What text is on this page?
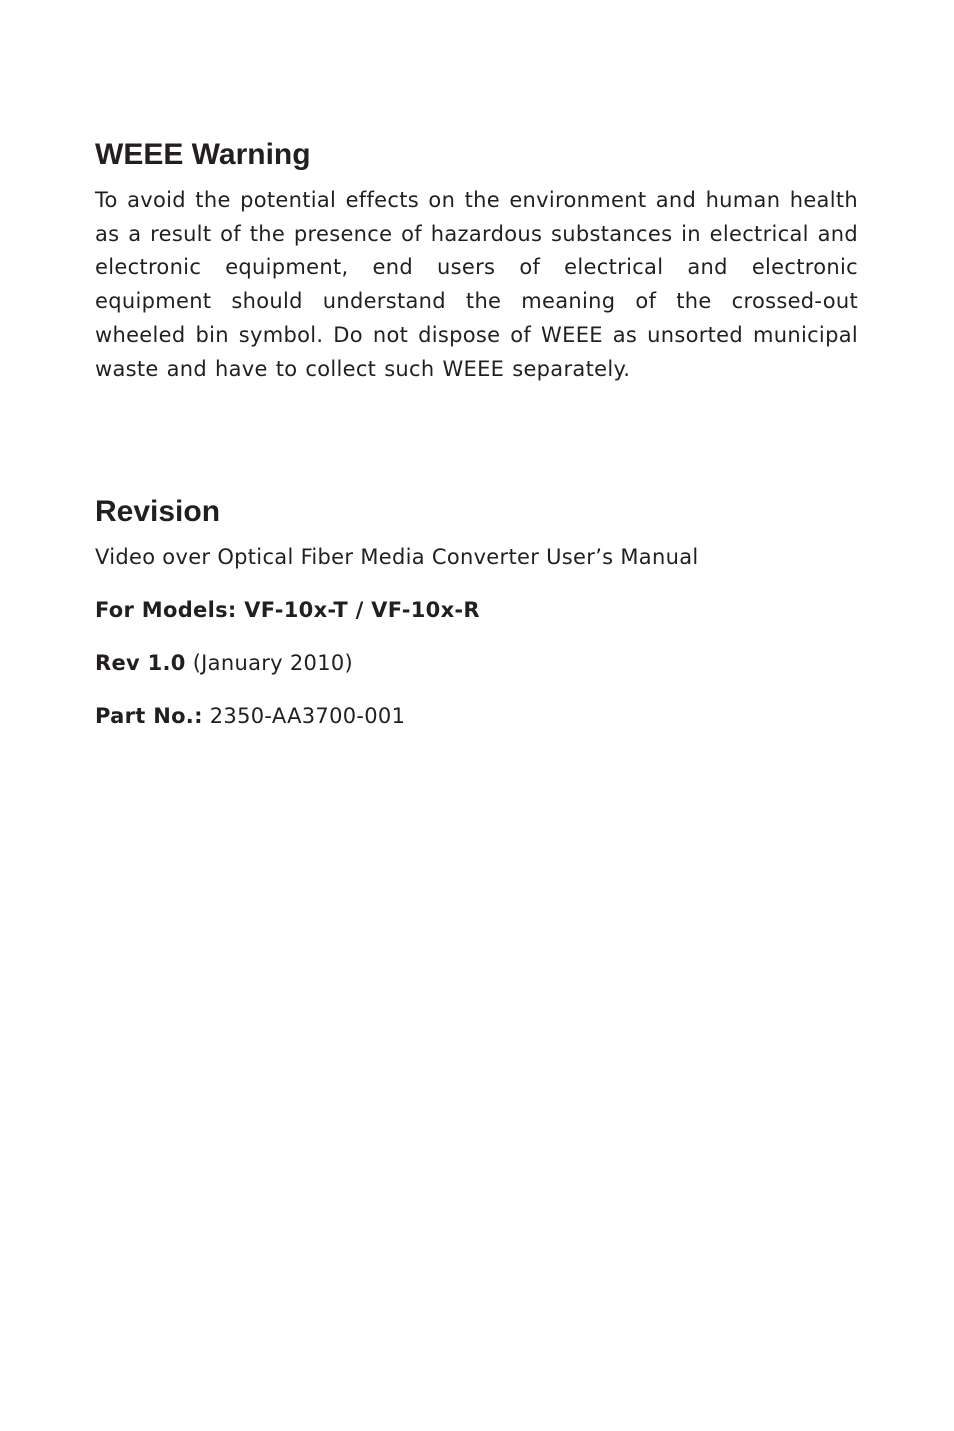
WEEE Warning

To avoid the potential effects on the environment and human health as a result of the presence of hazardous substances in electrical and electronic equipment, end users of electrical and electronic equipment should understand the meaning of the crossed-out wheeled bin symbol. Do not dispose of WEEE as unsorted municipal waste and have to collect such WEEE separately.

Revision

Video over Optical Fiber Media Converter User’s Manual

For Models: VF-10x-T / VF-10x-R

Rev 1.0 (January 2010)

Part No.: 2350-AA3700-001
